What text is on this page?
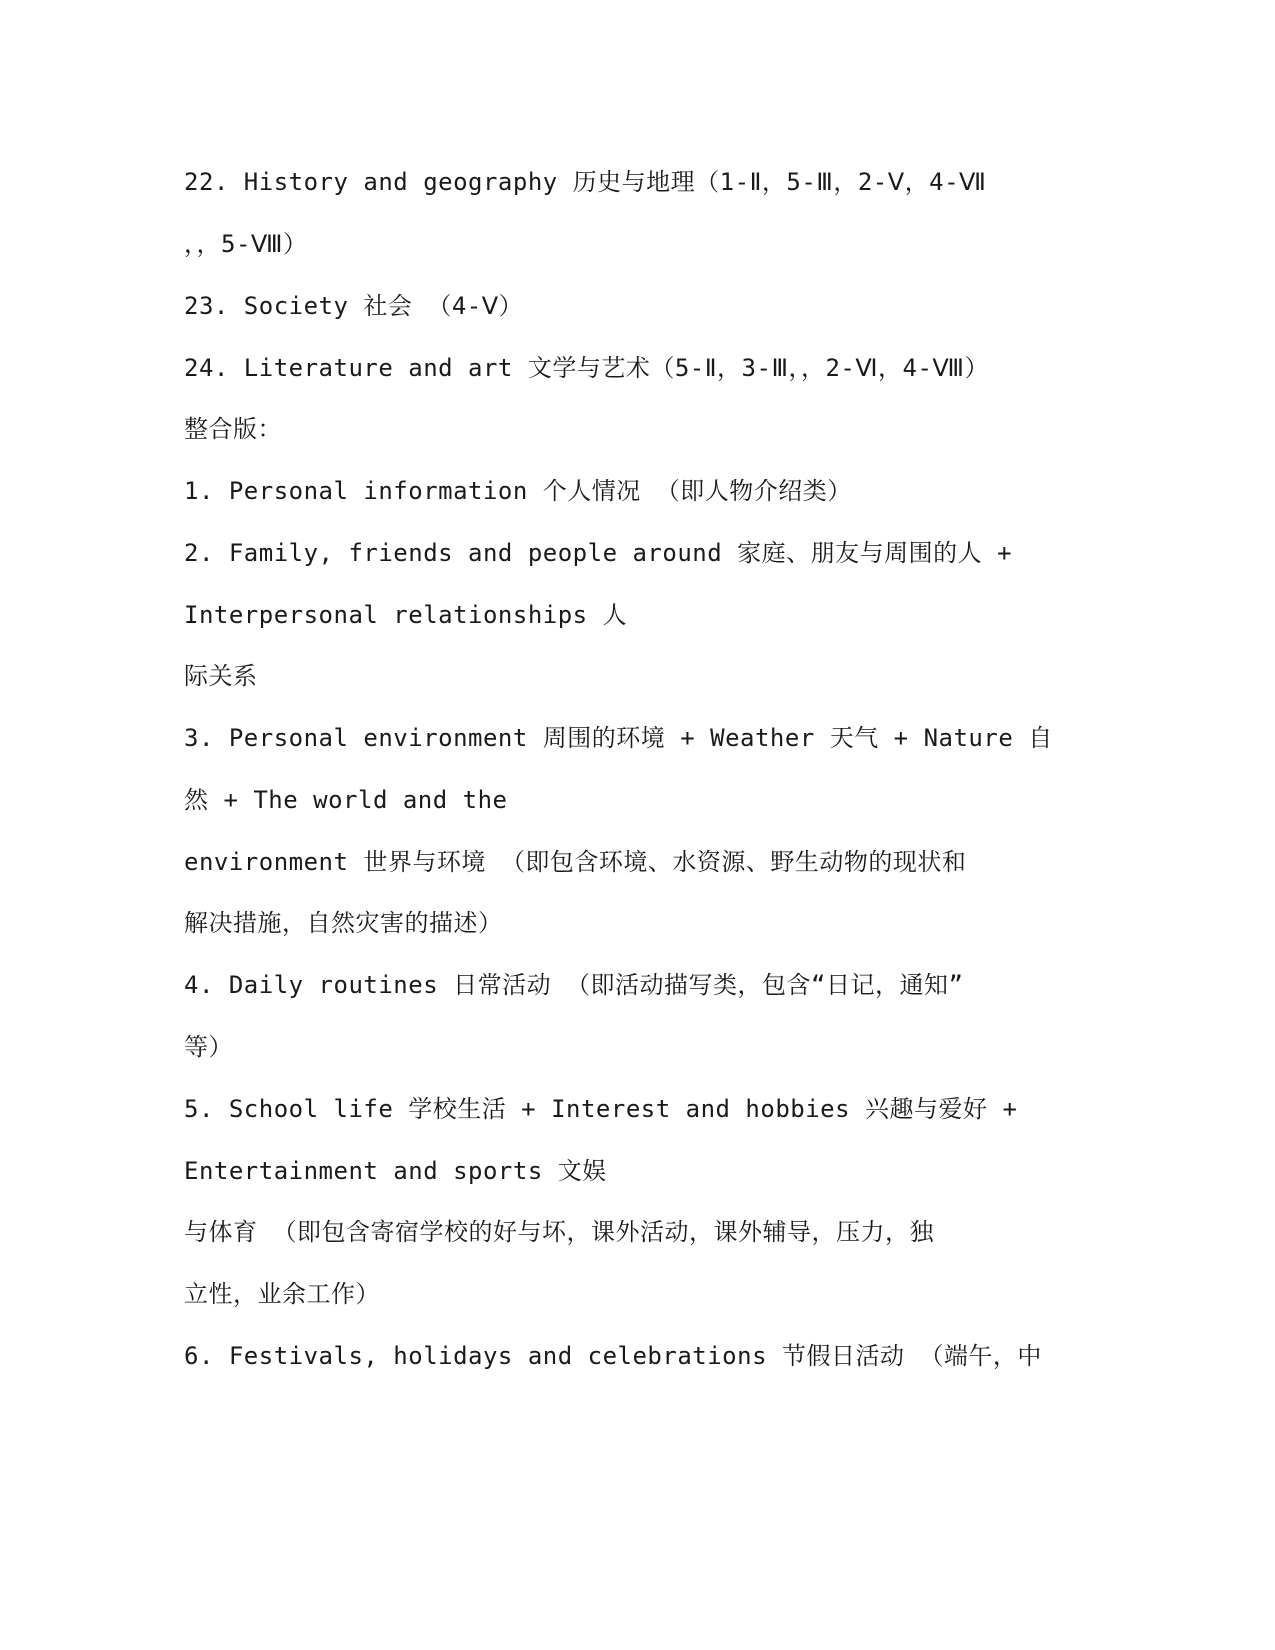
22. History and geography 历史与地理（1-Ⅱ，5-Ⅲ，2-Ⅴ，4-Ⅶ
，，5-Ⅷ）
23. Society 社会 （4-Ⅴ）
24. Literature and art 文学与艺术（5-Ⅱ，3-Ⅲ，，2-Ⅵ，4-Ⅷ）
整合版：
1. Personal information 个人情况 （即人物介绍类）
2. Family, friends and people around 家庭、朋友与周围的人 +
Interpersonal relationships 人
际关系
3. Personal environment 周围的环境 + Weather 天气 + Nature 自
然 + The world and the
environment 世界与环境 （即包含环境、水资源、野生动物的现状和
解决措施，自然灾害的描述）
4. Daily routines 日常活动 （即活动描写类，包含“日记，通知”
等）
5. School life 学校生活 + Interest and hobbies 兴趣与爱好 +
Entertainment and sports 文娱
与体育 （即包含寄宿学校的好与坏，课外活动，课外辅导，压力，独
立性，业余工作）
6. Festivals, holidays and celebrations 节假日活动 （端午，中
